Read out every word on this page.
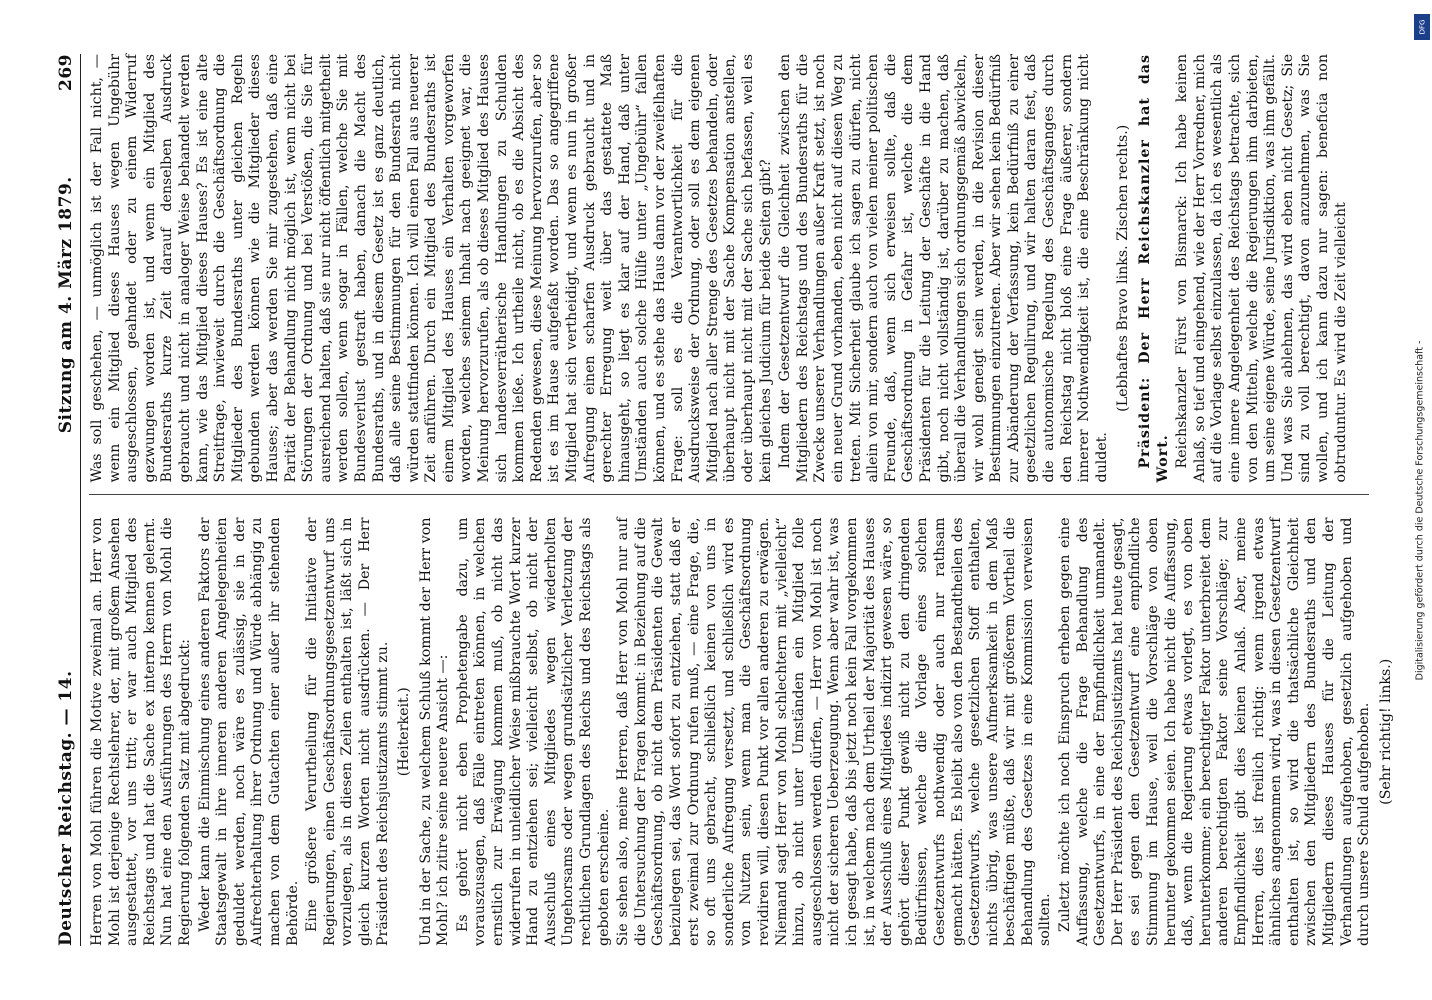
Deutscher Reichstag. — 14.
Sitzung am 4. März 1879.
269

Herren von Mohl führen die Motive zweimal an. Herr von Mohl ist derjenige Rechtslehrer, der, mit großem Ansehen ausgestattet, vor uns tritt; er war auch Mitglied des Reichstags und hat die Sache ex interno kennen gelernt. Nun hat eine den Ausführungen des Herrn von Mohl die Regierung folgenden Satz mit abgedruckt: Weder kann die Einmischung eines anderen Faktors der Staatsgewalt in ihre inneren anderen Angelegenheiten geduldet werden, noch wäre es zulässig, sie in der Aufrechterhaltung ihrer Ordnung und Würde abhängig zu machen von dem Gutachten einer außer ihr stehenden Behörde. Eine größere Verurtheilung für die Initiative der Regierungen, einen Geschäftsordnungsgesetzentwurf uns vorzulegen, als in diesen Zeilen enthalten ist, läßt sich in gleich kurzen Worten nicht ausdrücken. — Der Herr Präsident des Reichsjustizamts stimmt zu. (Heiterkeit.) Und in der Sache, zu welchem Schluß kommt der Herr von Mohl? ich zitire seine neuere Ansicht —: Es gehört nicht eben Prophetengabe dazu, um vorauszusagen, daß Fälle eintreten können, in welchen ernstlich zur Erwägung kommen muß, ob nicht das widerrufen in unleidlicher Weise mißbrauchte Wort kurzer Hand zu entziehen sei; vielleicht selbst, ob nicht der Ausschluß eines Mitgliedes wegen wiederholten Ungehorsams oder wegen grundsätzlicher Verletzung der rechtlichen Grundlagen des Reichs und des Reichstags als geboten erscheine. Sie sehen also, meine Herren, daß Herr von Mohl nur auf die Untersuchung der Fragen kommt: in Beziehung auf die Geschäftsordnung, ob nicht dem Präsidenten die Gewalt beizulegen sei, das Wort sofort zu entziehen, statt daß er erst zweimal zur Ordnung rufen muß, — eine Frage, die, so oft uns gebracht, schließlich keinen von uns in sonderliche Aufregung versetzt, und schließlich wird es von Nutzen sein, wenn man die Geschäftsordnung revidiren will, diesen Punkt vor allen anderen zu erwägen. Niemand sagt Herr von Mohl schlechtern mit „vielleicht“ hinzu, ob nicht unter Umständen ein Mitglied folle ausgeschlossen werden dürfen, — Herr von Mohl ist noch nicht der sicheren Ueberzeugung. Wenn aber wahr ist, was ich gesagt habe, daß bis jetzt noch kein Fall vorgekommen ist, in welchem nach dem Urtheil der Majorität des Hauses der Ausschluß eines Mitgliedes indizirt gewesen wäre, so gehört dieser Punkt gewiß nicht zu den dringenden Bedürfnissen, welche die Vorlage eines solchen Gesetzentwurfs nothwendig oder auch nur rathsam gemacht hätten. Es bleibt also von den Bestandtheilen des Gesetzentwurfs, welche gesetzlichen Stoff enthalten, nichts übrig, was unsere Aufmerksamkeit in dem Maß beschäftigen müßte, daß wir mit größerem Vortheil die Behandlung des Gesetzes in eine Kommission verweisen sollten. Zuletzt möchte ich noch Einspruch erheben gegen eine Auffassung, welche die Frage Behandlung des Gesetzentwurfs, in eine der Empfindlichkeit unmandelt. Der Herr Präsident des Reichsjustizamts hat heute gesagt, es sei gegen den Gesetzentwurf eine empfindliche Stimmung im Hause, weil die Vorschläge von oben herunter gekommen seien. Ich habe nicht die Auffassung, daß, wenn die Regierung etwas vorlegt, es von oben herunterkomme; ein berechtigter Faktor unterbreitet dem anderen berechtigten Faktor seine Vorschläge; zur Empfindlichkeit gibt dies keinen Anlaß. Aber, meine Herren, dies ist freilich richtig: wenn irgend etwas ähnliches angenommen wird, was in diesen Gesetzentwurf enthalten ist, so wird die thatsächliche Gleichheit zwischen den Mitgliedern des Bundesraths und den Mitgliedern dieses Hauses für die Leitung der Verhandlungen aufgehoben, gesetzlich aufgehoben und durch unsere Schuld aufgehoben. (Sehr richtig! links.)

Was soll geschehen, — unmöglich ist der Fall nicht, — wenn ein Mitglied dieses Hauses wegen Ungebühr ausgeschlossen, geahndet oder zu einem Widerruf gezwungen worden ist, und wenn ein Mitglied des Bundesraths kurze Zeit darauf denselben Ausdruck gebraucht und nicht in analoger Weise behandelt werden kann, wie das Mitglied dieses Hauses? Es ist eine alte Streitfrage, inwieweit durch die Geschäftsordnung die Mitglieder des Bundesraths unter gleichen Regeln gebunden werden können wie die Mitglieder dieses Hauses; aber das werden Sie mir zugestehen, daß eine Parität der Behandlung nicht möglich ist, wenn nicht bei Störungen der Ordnung und bei Verstößen, die Sie für ausreichend halten, daß sie nur nicht öffentlich mitgetheilt werden sollen, wenn sogar in Fällen, welche Sie mit Bundesverlust gestraft haben, danach die Macht des Bundesraths, und in diesem Gesetz ist es ganz deutlich, daß alle seine Bestimmungen für den Bundesrath nicht würden stattfinden können. Ich will einen Fall aus neuerer Zeit anführen. Durch ein Mitglied des Bundesraths ist einem Mitglied des Hauses ein Verhalten vorgeworfen worden, welches seinem Inhalt nach geeignet war, die Meinung hervorzurufen, als ob dieses Mitglied des Hauses sich landesverrätherische Handlungen zu Schulden kommen ließe. Ich urtheile nicht, ob es die Absicht des Redenden gewesen, diese Meinung hervorzurufen, aber so ist es im Hause aufgefaßt worden. Das so angegriffene Mitglied hat sich vertheidigt, und wenn es nun in großer Aufregung einen scharfen Ausdruck gebraucht und in gerechter Erregung weit über das gestattete Maß hinausgeht, so liegt es klar auf der Hand, daß unter Umständen auch solche Hülfe unter „Ungebühr“ fallen können, und es stehe das Haus dann vor der zweifelhaften Frage: soll es die Verantwortlichkeit für die Ausdrucksweise der Ordnung, oder soll es dem eigenen Mitglied nach aller Strenge des Gesetzes behandeln, oder überhaupt nicht mit der Sache Kompensation anstellen, oder überhaupt nicht mit der Sache sich befassen, weil es kein gleiches Judicium für beide Seiten gibt? Indem der Gesetzentwurf die Gleichheit zwischen den Mitgliedern des Reichstags und des Bundesraths für die Zwecke unserer Verhandlungen außer Kraft setzt, ist noch ein neuer Grund vorhanden, eben nicht auf diesen Weg zu treten. Mit Sicherheit glaube ich sagen zu dürfen, nicht allein von mir, sondern auch von vielen meiner politischen Freunde, daß, wenn sich erweisen sollte, daß die Geschäftsordnung in Gefahr ist, welche die dem Präsidenten für die Leitung der Geschäfte in die Hand gibt, noch nicht vollständig ist, darüber zu machen, daß überall die Verhandlungen sich ordnungsgemäß abwickeln, wir wohl geneigt sein werden, in die Revision dieser Bestimmungen einzutreten. Aber wir sehen kein Bedürfniß zur Abänderung der Verfassung, kein Bedürfniß zu einer gesetzlichen Regulirung, und wir halten daran fest, daß die autonomische Regelung des Geschäftsganges durch den Reichstag nicht bloß eine Frage äußerer, sondern innerer Nothwendigkeit ist, die eine Beschränkung nicht duldet.

(Lebhaftes Bravo links. Zischen rechts.) Präsident: Der Herr Reichskanzler hat das Wort. Reichskanzler Fürst von Bismarck: Ich habe keinen Anlaß, so tief und eingehend, wie der Herr Vorredner, mich auf die Vorlage selbst einzulassen, da ich es wesentlich als eine innere Angelegenheit des Reichstags betrachte, sich von den Mitteln, welche die Regierungen ihm darbieten, um seine eigene Würde, seine Jurisdiktion, was ihm gefällt. Und was Sie ablehnen, das wird eben nicht Gesetz; Sie sind zu voll berechtigt, davon anzunehmen, was Sie wollen, und ich kann dazu nur sagen: beneficia non obtruduntur. Es wird die Zeit vielleicht

DFG
Digitalisierung gefördert durch die Deutsche Forschungsgemeinschaft -
